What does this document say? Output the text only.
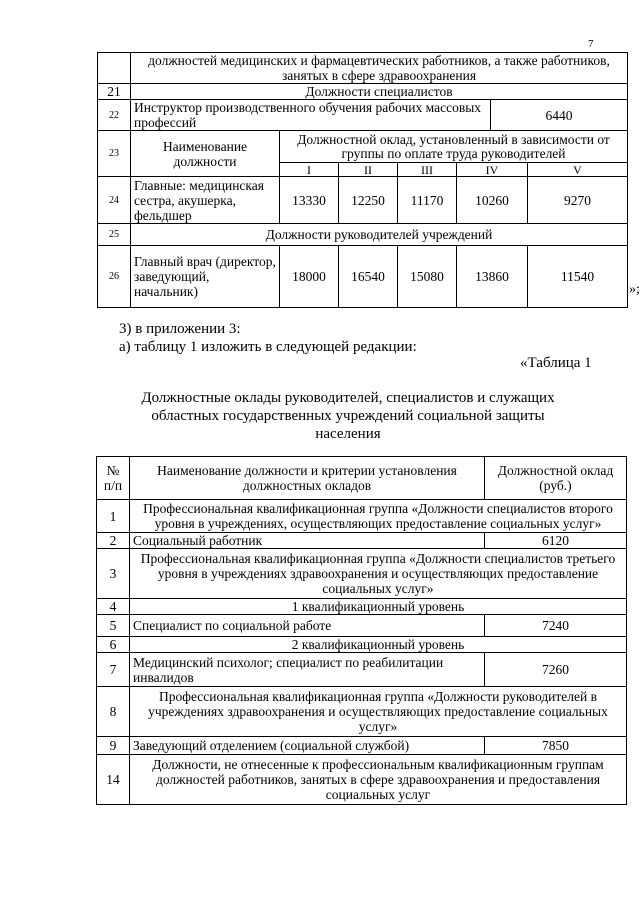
7
	должностей медицинских и фармацевтических работников, а также работников, занятых в сфере здравоохранения						
21	Должности специалистов						
22	Инструктор производственного обучения рабочих массовых профессий					6440	
23	Наименование должности	Должностной оклад, установленный в зависимости от группы по оплате труда руководителей					
		I	II	III	IV		V
24	Главные: медицинская сестра, акушерка, фельдшер	13330	12250	11170	10260		9270
25	Должности руководителей учреждений						
26	Главный врач (директор, заведующий, начальник)	18000	16540	15080	13860		11540
»;
3) в приложении 3:
а) таблицу 1 изложить в следующей редакции:
«Таблица 1
Должностные оклады руководителей, специалистов и служащих областных государственных учреждений социальной защиты населения
№ п/п	Наименование должности и критерии установления должностных окладов	Должностной оклад (руб.)
1	Профессиональная квалификационная группа «Должности специалистов второго уровня в учреждениях, осуществляющих предоставление социальных услуг»	
2	Социальный работник	6120
3	Профессиональная квалификационная группа «Должности специалистов третьего уровня в учреждениях здравоохранения и осуществляющих предоставление социальных услуг»	
4	1 квалификационный уровень	
5	Специалист по социальной работе	7240
6	2 квалификационный уровень	
7	Медицинский психолог; специалист по реабилитации инвалидов	7260
8	Профессиональная квалификационная группа «Должности руководителей в учреждениях здравоохранения и осуществляющих предоставление социальных услуг»	
9	Заведующий отделением (социальной службой)	7850
14	Должности, не отнесенные к профессиональным квалификационным группам должностей работников, занятых в сфере здравоохранения и предоставления социальных услуг	
